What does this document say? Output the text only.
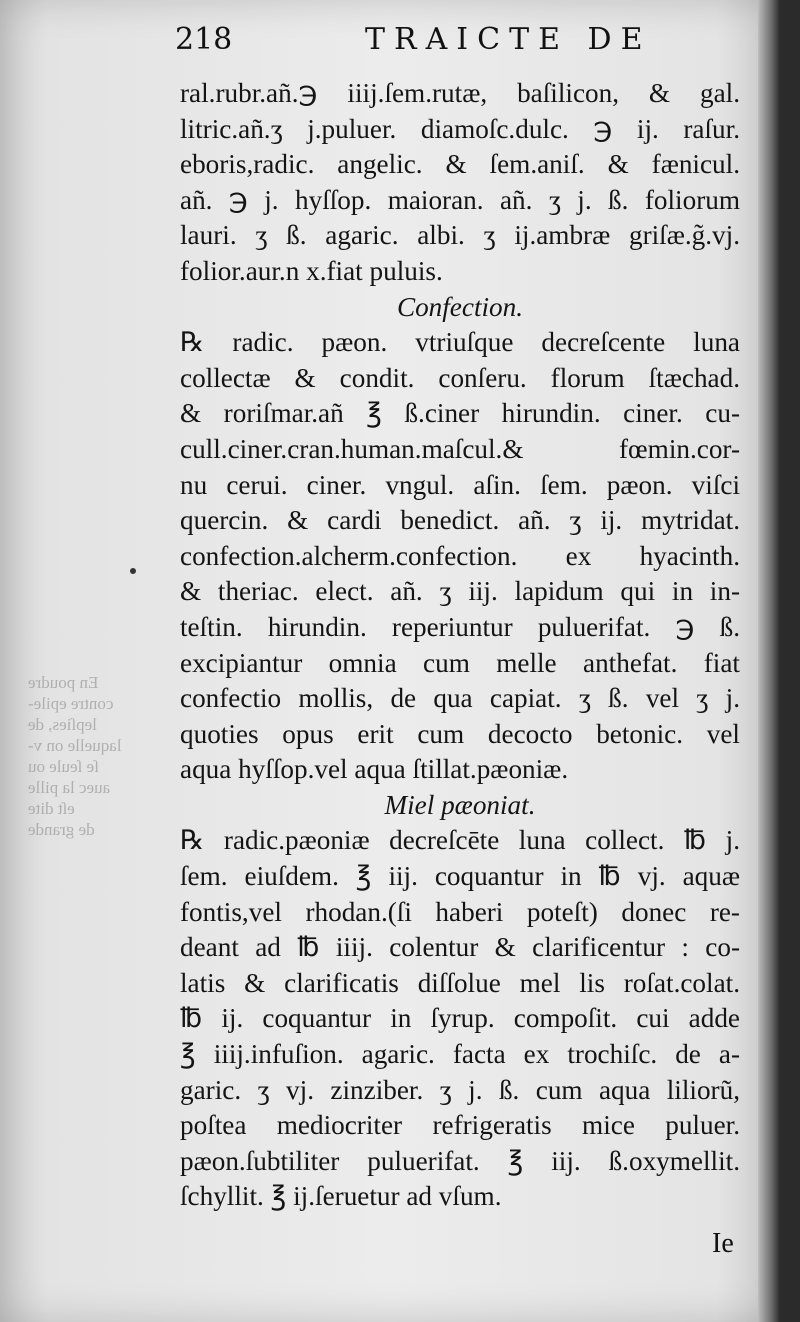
En poudre
contre epile-
lepſies, de
laquelle on v-
ſe ſeule ou
auec la pille
eſt dite
de grande
218	TRAICTE DE
ral.rubr.añ.℈ iiij.ſem.rutæ, baſilicon, & gal.
litric.añ.ʒ j.puluer. diamoſc.dulc. ℈ ij. raſur.
eboris,radic. angelic. & ſem.aniſ. & fænicul.
añ. ℈ j. hyſſop. maioran. añ. ʒ j. ß. foliorum
lauri. ʒ ß. agaric. albi. ʒ ij.ambræ griſæ.g̃.vj.
folior.aur.n x.fiat puluis.
Confection.
℞ radic. pæon. vtriuſque decreſcente luna
collectæ & condit. conſeru. florum ſtæchad.
& roriſmar.añ ℥ ß.ciner hirundin. ciner. cu-
cull.ciner.cran.human.maſcul.& fœmin.cor-
nu cerui. ciner. vngul. aſin. ſem. pæon. viſci
quercin. & cardi benedict. añ. ʒ ij. mytridat.
confection.alcherm.confection. ex hyacinth.
& theriac. elect. añ. ʒ iij. lapidum qui in in-
teſtin. hirundin. reperiuntur puluerifat. ℈ ß.
excipiantur omnia cum melle anthefat. fiat
confectio mollis, de qua capiat. ʒ ß. vel ʒ j.
quoties opus erit cum decocto betonic. vel
aqua hyſſop.vel aqua ſtillat.pæoniæ.
Miel pæoniat.
℞ radic.pæoniæ decreſcēte luna collect. ℔ j.
ſem. eiuſdem. ℥ iij. coquantur in ℔ vj. aquæ
fontis,vel rhodan.(ſi haberi poteſt) donec re-
deant ad ℔ iiij. colentur & clarificentur : co-
latis & clarificatis diſſolue mel lis roſat.colat.
℔ ij. coquantur in ſyrup. compoſit. cui adde
℥ iiij.infuſion. agaric. facta ex trochiſc. de a-
garic. ʒ vj. zinziber. ʒ j. ß. cum aqua liliorũ,
poſtea mediocriter refrigeratis mice puluer.
pæon.ſubtiliter puluerifat. ℥ iij. ß.oxymellit.
ſchyllit. ℥ ij.ſeruetur ad vſum.
Ie
